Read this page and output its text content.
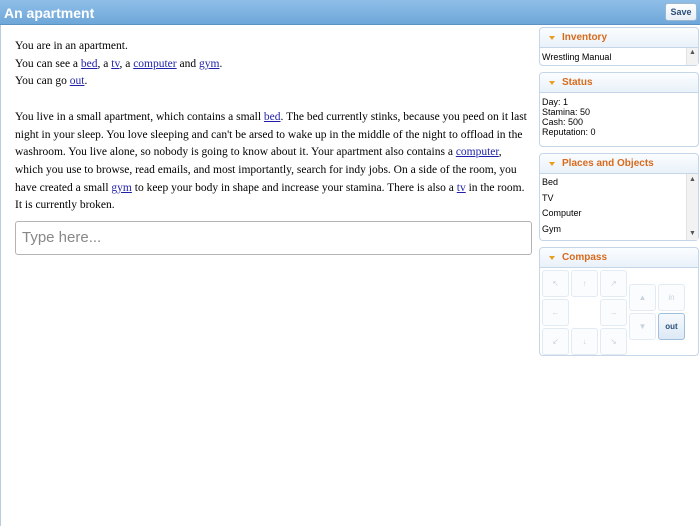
An apartment	Save

You are in an apartment.

You can see a bed, a tv, a computer and gym.

You can go out.

You live in a small apartment, which contains a small bed. The bed currently stinks, because you peed on it last night in your sleep. You love sleeping and can't be arsed to wake up in the middle of the night to offload in the washroom. You live alone, so nobody is going to know about it. Your apartment also contains a computer, which you use to browse, read emails, and most importantly, search for indy jobs. On a side of the room, you have created a small gym to keep your body in shape and increase your stamina. There is also a tv in the room. It is currently broken.

Type here...
Inventory
Wrestling Manual	▲
Status
Day: 1
Stamina: 50
Cash: 500
Reputation: 0
Places and Objects
Bed
TV
Computer
Gym
▲
▼
Compass
↖	↑	↗
←	→
↙	↓	↘
▲
▼
in
out
